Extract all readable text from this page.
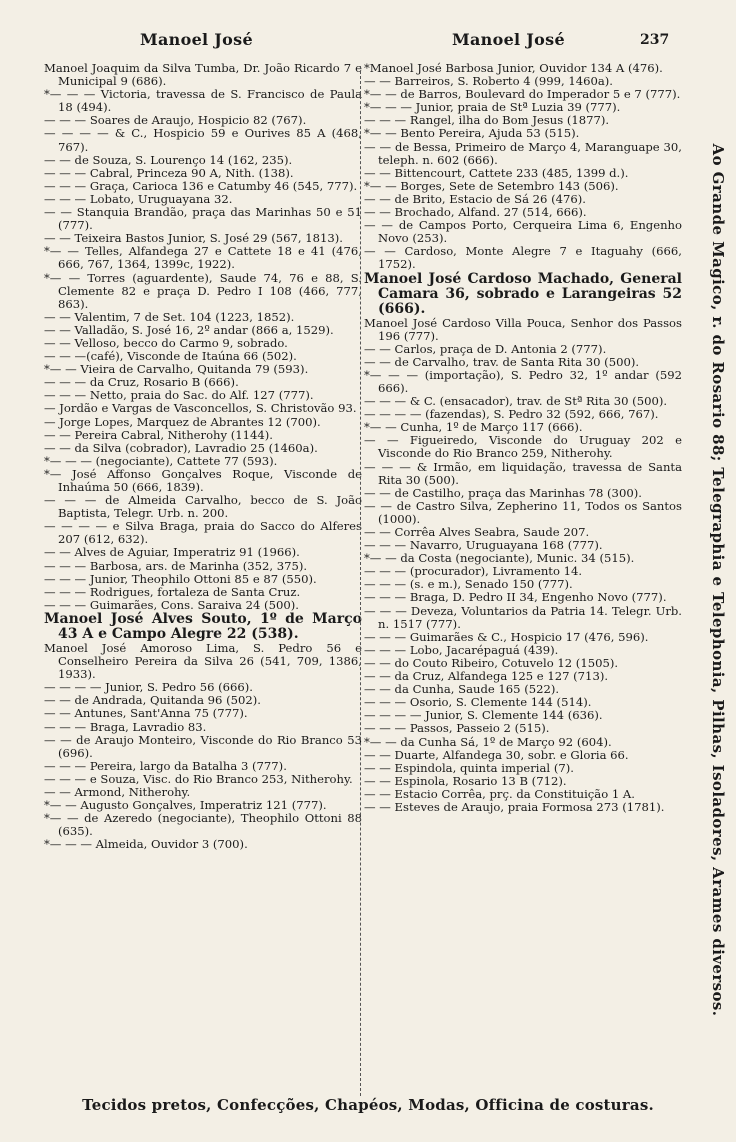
Manoel José	Manoel José	237
Manoel Joaquim da Silva Tumba, Dr. João Ricardo 7 e Municipal 9 (686).
*— — — Victoria, travessa de S. Francisco de Paula 18 (494).
— — — Soares de Araujo, Hospicio 82 (767).
— — — — & C., Hospicio 59 e Ourives 85 A (468, 767).
— — de Souza, S. Lourenço 14 (162, 235).
— — — Cabral, Princeza 90 A, Nith. (138).
— — — Graça, Carioca 136 e Catumby 46 (545, 777).
— — — Lobato, Uruguayana 32.
— — Stanquia Brandão, praça das Marinhas 50 e 51 (777).
— — Teixeira Bastos Junior, S. José 29 (567, 1813).
*— — Telles, Alfandega 27 e Cattete 18 e 41 (476, 666, 767, 1364, 1399c, 1922).
*— — Torres (aguardente), Saude 74, 76 e 88, S. Clemente 82 e praça D. Pedro I 108 (466, 777, 863).
— — Valentim, 7 de Set. 104 (1223, 1852).
— — Valladão, S. José 16, 2º andar (866 a, 1529).
— — Velloso, becco do Carmo 9, sobrado.
— — —(café), Visconde de Itaúna 66 (502).
*— — Vieira de Carvalho, Quitanda 79 (593).
— — — da Cruz, Rosario B (666).
— — — Netto, praia do Sac. do Alf. 127 (777).
— Jordão e Vargas de Vasconcellos, S. Christovão 93.
— Jorge Lopes, Marquez de Abrantes 12 (700).
— — Pereira Cabral, Nitherohy (1144).
— — da Silva (cobrador), Lavradio 25 (1460a).
*— — — (negociante), Cattete 77 (593).
*— José Affonso Gonçalves Roque, Visconde de Inhaúma 50 (666, 1839).
— — — de Almeida Carvalho, becco de S. João Baptista, Telegr. Urb. n. 200.
— — — — e Silva Braga, praia do Sacco do Alferes 207 (612, 632).
— — Alves de Aguiar, Imperatriz 91 (1966).
— — — Barbosa, ars. de Marinha (352, 375).
— — — Junior, Theophilo Ottoni 85 e 87 (550).
— — — Rodrigues, fortaleza de Santa Cruz.
— — — Guimarães, Cons. Saraiva 24 (500).
Manoel José Alves Souto, 1º de Março 43 A e Campo Alegre 22 (538).
Manoel José Amoroso Lima, S. Pedro 56 e Conselheiro Pereira da Silva 26 (541, 709, 1386, 1933).
— — — — Junior, S. Pedro 56 (666).
— — de Andrada, Quitanda 96 (502).
— — Antunes, Sant'Anna 75 (777).
— — — Braga, Lavradio 83.
— — de Araujo Monteiro, Visconde do Rio Branco 53 (696).
— — — Pereira, largo da Batalha 3 (777).
— — — e Souza, Visc. do Rio Branco 253, Nitherohy.
— — Armond, Nitherohy.
*— — Augusto Gonçalves, Imperatriz 121 (777).
*— — de Azeredo (negociante), Theophilo Ottoni 88 (635).
*— — — Almeida, Ouvidor 3 (700).
*Manoel José Barbosa Junior, Ouvidor 134 A (476).
— — Barreiros, S. Roberto 4 (999, 1460a).
*— — de Barros, Boulevard do Imperador 5 e 7 (777).
*— — — Junior, praia de Stª Luzia 39 (777).
— — — Rangel, ilha do Bom Jesus (1877).
*— — Bento Pereira, Ajuda 53 (515).
— — de Bessa, Primeiro de Março 4, Maranguape 30, teleph. n. 602 (666).
— — Bittencourt, Cattete 233 (485, 1399 d.).
*— — Borges, Sete de Setembro 143 (506).
— — de Brito, Estacio de Sá 26 (476).
— — Brochado, Alfand. 27 (514, 666).
— — de Campos Porto, Cerqueira Lima 6, Engenho Novo (253).
— — Cardoso, Monte Alegre 7 e Itaguahy (666, 1752).
Manoel José Cardoso Machado, General Camara 36, sobrado e Larangeiras 52 (666).
Manoel José Cardoso Villa Pouca, Senhor dos Passos 196 (777).
— — Carlos, praça de D. Antonia 2 (777).
— — de Carvalho, trav. de Santa Rita 30 (500).
*— — — (importação), S. Pedro 32, 1º andar (592 666).
— — — & C. (ensacador), trav. de Stª Rita 30 (500).
— — — — (fazendas), S. Pedro 32 (592, 666, 767).
*— — Cunha, 1º de Março 117 (666).
— — Figueiredo, Visconde do Uruguay 202 e Visconde do Rio Branco 259, Nitherohy.
— — — & Irmão, em liquidação, travessa de Santa Rita 30 (500).
— — de Castilho, praça das Marinhas 78 (300).
— — de Castro Silva, Zepherino 11, Todos os Santos (1000).
— — Corrêa Alves Seabra, Saude 207.
— — — Navarro, Uruguayana 168 (777).
*— — da Costa (negociante), Munic. 34 (515).
— — — (procurador), Livramento 14.
— — — (s. e m.), Senado 150 (777).
— — — Braga, D. Pedro II 34, Engenho Novo (777).
— — — Deveza, Voluntarios da Patria 14. Telegr. Urb. n. 1517 (777).
— — — Guimarães & C., Hospicio 17 (476, 596).
— — — Lobo, Jacarépaguá (439).
— — do Couto Ribeiro, Cotuvelo 12 (1505).
— — da Cruz, Alfandega 125 e 127 (713).
— — da Cunha, Saude 165 (522).
— — — Osorio, S. Clemente 144 (514).
— — — — Junior, S. Clemente 144 (636).
— — — Passos, Passeio 2 (515).
*— — da Cunha Sá, 1º de Março 92 (604).
— — Duarte, Alfandega 30, sobr. e Gloria 66.
— — Espindola, quinta imperial (7).
— — Espinola, Rosario 13 B (712).
— — Estacio Corrêa, prç. da Constituição 1 A.
— — Esteves de Araujo, praia Formosa 273 (1781).	Ao Grande Magico, r. do Rosario 88; Telegraphia e Telephonia, Pilhas, Isoladores, Arames diversos.
Tecidos pretos, Confecções, Chapéos, Modas, Officina de costuras.
